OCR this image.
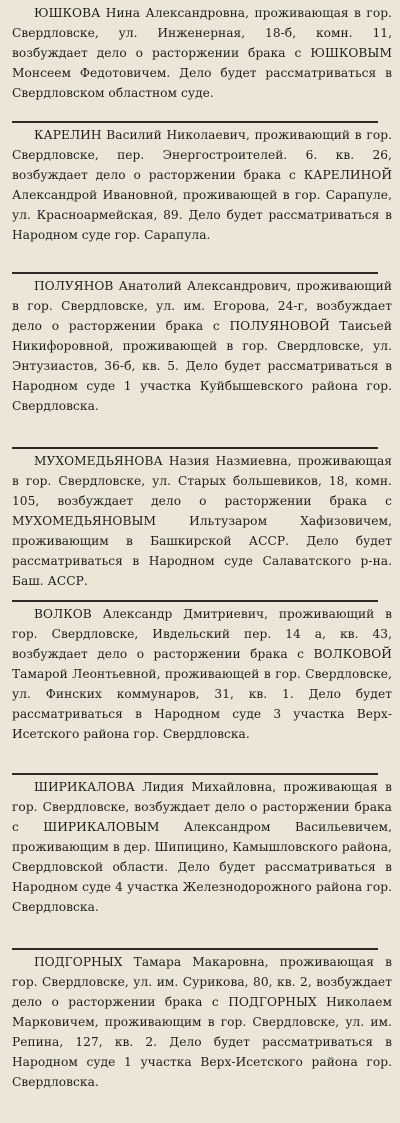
ЮШКОВА Нина Александровна, проживающая в гор. Свердловске, ул. Инженерная, 18-б, комн. 11, возбуждает дело о расторжении брака с ЮШКОВЫМ Монсеем Федотовичем. Дело будет рассматриваться в Свердловском областном суде.

КАРЕЛИН Василий Николаевич, проживающий в гор. Свердловске, пер. Энергостроителей. 6. кв. 26, возбуждает дело о расторжении брака с КАРЕЛИНОЙ Александрой Ивановной, проживающей в гор. Сарапуле, ул. Красноармейская, 89. Дело будет рассматриваться в Народном суде гор. Сарапула.

ПОЛУЯНОВ Анатолий Александрович, проживающий в гор. Свердловске, ул. им. Егорова, 24-г, возбуждает дело о расторжении брака с ПОЛУЯНОВОЙ Таисьей Никифоровной, проживающей в гор. Свердловске, ул. Энтузиастов, 36-б, кв. 5. Дело будет рассматриваться в Народном суде 1 участка Куйбышевского района гор. Свердловска.

МУХОМЕДЬЯНОВА Назия Назмиевна, проживающая в гор. Свердловске, ул. Старых большевиков, 18, комн. 105, возбуждает дело о расторжении брака с МУХОМЕДЬЯНОВЫМ Ильтузаром Хафизовичем, проживающим в Башкирской АССР. Дело будет рассматриваться в Народном суде Салаватского р-на. Баш. АССР.

ВОЛКОВ Александр Дмитриевич, проживающий в гор. Свердловске, Ивдельский пер. 14 а, кв. 43, возбуждает дело о расторжении брака с ВОЛКОВОЙ Тамарой Леонтьевной, проживающей в гор. Свердловске, ул. Финских коммунаров, 31, кв. 1. Дело будет рассматриваться в Народном суде 3 участка Верх-Исетского района гор. Свердловска.

ШИРИКАЛОВА Лидия Михайловна, проживающая в гор. Свердловске, возбуждает дело о расторжении брака с ШИРИКАЛОВЫМ Александром Васильевичем, проживающим в дер. Шипицино, Камышловского района, Свердловской области. Дело будет рассматриваться в Народном суде 4 участка Железнодорожного района гор. Свердловска.

ПОДГОРНЫХ Тамара Макаровна, проживающая в гор. Свердловске, ул. им. Сурикова, 80, кв. 2, возбуждает дело о расторжении брака с ПОДГОРНЫХ Николаем Марковичем, проживающим в гор. Свердловске, ул. им. Репина, 127, кв. 2. Дело будет рассматриваться в Народном суде 1 участка Верх-Исетского района гор. Свердловска.
